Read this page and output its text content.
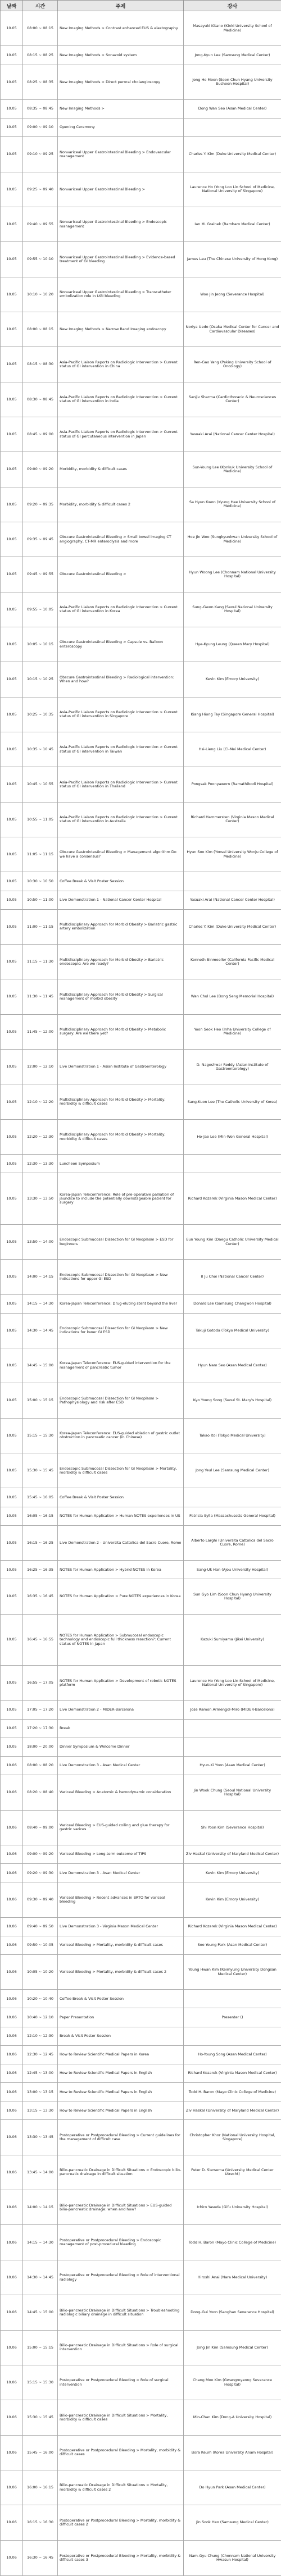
날짜	시간	주제	강사
10.05	08:00 ~ 08:15	New Imaging Methods > Contrast enhanced EUS & elastography	Masayuki Kitano (Kinki University School of Medicine)
10.05	08:15 ~ 08:25	New Imaging Methods > Sonazoid system	Jong-Kyun Lee (Samsung Medical Center)
10.05	08:25 ~ 08:35	New Imaging Methods > Direct peroral cholangioscopy	Jong Ho Moon (Soon Chun Hyang University Bucheon Hospital)
10.05	08:35 ~ 08:45	New Imaging Methods >	Dong Wan Seo (Asan Medical Center)
10.05	09:00 ~ 09:10	Opening Ceremony	
10.05	09:10 ~ 09:25	Nonvariceal Upper Gastrointestinal Bleeding > Endovascular management	Charles Y. Kim (Duke University Medical Center)
10.05	09:25 ~ 09:40	Nonvariceal Upper Gastrointestinal Bleeding >	Laurence Ho (Yong Loo Lin School of Medicine, National University of Singapore)
10.05	09:40 ~ 09:55	Nonvariceal Upper Gastrointestinal Bleeding > Endoscopic management	Ian M. Gralnek (Rambam Medical Center)
10.05	09:55 ~ 10:10	Nonvariceal Upper Gastrointestinal Bleeding > Evidence-based treatment of GI bleeding	James Lau (The Chinese University of Hong Kong)
10.05	10:10 ~ 10:20	Nonvariceal Upper Gastrointestinal Bleeding > Transcatheter embolization role in UGI bleeding	Woo Jin Jeong (Severance Hospital)
10.05	08:00 ~ 08:15	New Imaging Methods > Narrow Band Imaging endoscopy	Noriya Uedo (Osaka Medical Center for Cancer and Cardiovascular Diseases)
10.05	08:15 ~ 08:30	Asia-Pacific Liaison Reports on Radiologic Intervention > Current status of GI intervention in China	Ren-Gao Yang (Peking University School of Oncology)
10.05	08:30 ~ 08:45	Asia-Pacific Liaison Reports on Radiologic Intervention > Current status of GI intervention in India	Sanjiv Sharma (Cardiothoracic & Neurosciences Center)
10.05	08:45 ~ 09:00	Asia-Pacific Liaison Reports on Radiologic Intervention > Current status of GI percutaneous intervention in Japan	Yasuaki Arai (National Cancer Center Hospital)
10.05	09:00 ~ 09:20	Morbidity, morbidity & difficult cases	Sun-Young Lee (Konkuk University School of Medicine)
10.05	09:20 ~ 09:35	Morbidity, morbidity & difficult cases 2	Sa Hyun Kwon (Kyung Hee University School of Medicine)
10.05	09:35 ~ 09:45	Obscure Gastrointestinal Bleeding > Small bowel imaging CT angiography, CT-MR enteroclysis and more	Hoe Jin Woo (Sungkyunkwan University School of Medicine)
10.05	09:45 ~ 09:55	Obscure Gastrointestinal Bleeding >	Hyun Woong Lee (Chonnam National University Hospital)
10.05	09:55 ~ 10:05	Asia-Pacific Liaison Reports on Radiologic Intervention > Current status of GI intervention in Korea	Sung-Gwon Kang (Seoul National University Hospital)
10.05	10:05 ~ 10:15	Obscure Gastrointestinal Bleeding > Capsule vs. Balloon enteroscopy	Hye-Kyung Leung (Queen Mary Hospital)
10.05	10:15 ~ 10:25	Obscure Gastrointestinal Bleeding > Radiological intervention: When and how?	Kevin Kim (Emory University)
10.05	10:25 ~ 10:35	Asia-Pacific Liaison Reports on Radiologic Intervention > Current status of GI intervention in Singapore	Kiang Hiong Tay (Singapore General Hospital)
10.05	10:35 ~ 10:45	Asia-Pacific Liaison Reports on Radiologic Intervention > Current status of GI intervention in Taiwan	Hsi-Lieng Liu (Cl-Mei Medical Center)
10.05	10:45 ~ 10:55	Asia-Pacific Liaison Reports on Radiologic Intervention > Current status of GI intervention in Thailand	Pongsak Poonyaworn (Ramathibodi Hospital)
10.05	10:55 ~ 11:05	Asia-Pacific Liaison Reports on Radiologic Intervention > Current status of GI intervention in Australia	Richard Hammersten (Virginia Mason Medical Center)
10.05	11:05 ~ 11:15	Obscure Gastrointestinal Bleeding > Management algorithm Do we have a consensus?	Hyun Soo Kim (Yonsei University Wonju College of Medicine)
10.05	10:30 ~ 10:50	Coffee Break & Visit Poster Session	
10.05	10:50 ~ 11:00	Live Demonstration 1 - National Cancer Center Hospital	Yasuaki Arai (National Cancer Center Hospital)
10.05	11:00 ~ 11:15	Multidisciplinary Approach for Morbid Obesity > Bariatric gastric artery embolization	Charles Y. Kim (Duke University Medical Center)
10.05	11:15 ~ 11:30	Multidisciplinary Approach for Morbid Obesity > Bariatric endoscopic: Are we ready?	Kenneth Binmoeller (California Pacific Medical Center)
10.05	11:30 ~ 11:45	Multidisciplinary Approach for Morbid Obesity > Surgical management of morbid obesity	Wan Chul Lee (Bong Seng Memorial Hospital)
10.05	11:45 ~ 12:00	Multidisciplinary Approach for Morbid Obesity > Metabolic surgery: Are we there yet?	Yoon Seok Heo (Inha University College of Medicine)
10.05	12:00 ~ 12:10	Live Demonstration 1 - Asian Institute of Gastroenterology	D. Nageshwar Reddy (Asian Institute of Gastroenterology)
10.05	12:10 ~ 12:20	Multidisciplinary Approach for Morbid Obesity > Mortality, morbidity & difficult cases	Sang-Kuon Lee (The Catholic University of Korea)
10.05	12:20 ~ 12:30	Multidisciplinary Approach for Morbid Obesity > Mortality, morbidity & difficult cases	Ho-Jae Lee (Min-Won General Hospital)
10.05	12:30 ~ 13:30	Luncheon Symposium	
10.05	13:30 ~ 13:50	Korea-Japan Teleconference: Role of pre-operative palliation of jaundice to include the potentially downstageable patient for surgery	Richard Kozarek (Virginia Mason Medical Center)
10.05	13:50 ~ 14:00	Endoscopic Submucosal Dissection for GI Neoplasm > ESD for beginners	Eun Young Kim (Daegu Catholic University Medical Center)
10.05	14:00 ~ 14:15	Endoscopic Submucosal Dissection for GI Neoplasm > New indications for upper GI ESD	Il Ju Choi (National Cancer Center)
10.05	14:15 ~ 14:30	Korea-Japan Teleconference: Drug-eluting stent beyond the liver	Donald Lee (Samsung Changwon Hospital)
10.05	14:30 ~ 14:45	Endoscopic Submucosal Dissection for GI Neoplasm > New indications for lower GI ESD	Takuji Gotoda (Tokyo Medical University)
10.05	14:45 ~ 15:00	Korea-Japan Teleconference: EUS-guided intervention for the management of pancreatic tumor	Hyun Nam Seo (Asan Medical Center)
10.05	15:00 ~ 15:15	Endoscopic Submucosal Dissection for GI Neoplasm > Pathophysiology and risk after ESD	Kyo Young Song (Seoul St. Mary's Hospital)
10.05	15:15 ~ 15:30	Korea-Japan Teleconference: EUS-guided ablation of gastric outlet obstruction in pancreatic cancer (in Chinese)	Takao Itoi (Tokyo Medical University)
10.05	15:30 ~ 15:45	Endoscopic Submucosal Dissection for GI Neoplasm > Mortality, morbidity & difficult cases	Jong Yeul Lee (Samsung Medical Center)
10.05	15:45 ~ 16:05	Coffee Break & Visit Poster Session	
10.05	16:05 ~ 16:15	NOTES for Human Application > Human NOTES experiences in US	Patricia Sylla (Massachusetts General Hospital)
10.05	16:15 ~ 16:25	Live Demonstration 2 - Universita Cattolica del Sacro Cuore, Rome	Alberto Larghi (Universita Cattolica del Sacro Cuore, Rome)
10.05	16:25 ~ 16:35	NOTES for Human Application > Hybrid NOTES in Korea	Sang-Uk Han (Ajou University Hospital)
10.05	16:35 ~ 16:45	NOTES for Human Application > Pure NOTES experiences in Korea	Sun Gyo Lim (Soon Chun Hyang University Hospital)
10.05	16:45 ~ 16:55	NOTES for Human Application > Submucosal endoscopic technology and endoscopic full thickness resection?: Current status of NOTES in Japan	Kazuki Sumiyama (Jikei University)
10.05	16:55 ~ 17:05	NOTES for Human Application > Development of robotic NOTES platform	Laurence Ho (Yong Loo Lin School of Medicine, National University of Singapore)
10.05	17:05 ~ 17:20	Live Demonstration 2 - MIDER-Barcelona	Jose Ramon Armengol-Miro (MIDER-Barcelona)
10.05	17:20 ~ 17:30	Break	
10.05	18:00 ~ 20:00	Dinner Symposium & Welcome Dinner	
10.06	08:00 ~ 08:20	Live Demonstration 3 - Asan Medical Center	Hyun-Ki Yoon (Asan Medical Center)
10.06	08:20 ~ 08:40	Variceal Bleeding > Anatomic & hemodynamic consideration	Jin Wook Chung (Seoul National University Hospital)
10.06	08:40 ~ 09:00	Variceal Bleeding > EUS-guided coiling and glue therapy for gastric varices	Shi Yoon Kim (Severance Hospital)
10.06	09:00 ~ 09:20	Variceal Bleeding > Long-term outcome of TIPS	Ziv Haskal (University of Maryland Medical Center)
10.06	09:20 ~ 09:30	Live Demonstration 3 - Asan Medical Center	Kevin Kim (Emory University)
10.06	09:30 ~ 09:40	Variceal Bleeding > Recent advances in BRTO for variceal bleeding	Kevin Kim (Emory University)
10.06	09:40 ~ 09:50	Live Demonstration 3 - Virginia Mason Medical Center	Richard Kozarek (Virginia Mason Medical Center)
10.06	09:50 ~ 10:05	Variceal Bleeding > Mortality, morbidity & difficult cases	Soo Young Park (Asan Medical Center)
10.06	10:05 ~ 10:20	Variceal Bleeding > Mortality, morbidity & difficult cases 2	Young Hwan Kim (Keimyung University Dongsan Medical Center)
10.06	10:20 ~ 10:40	Coffee Break & Visit Poster Session	
10.06	10:40 ~ 12:10	Paper Presentation	Presenter ()
10.06	12:10 ~ 12:30	Break & Visit Poster Session	
10.06	12:30 ~ 12:45	How to Review Scientific Medical Papers in Korea	Ho-Young Song (Asan Medical Center)
10.06	12:45 ~ 13:00	How to Review Scientific Medical Papers in English	Richard Kozarek (Virginia Mason Medical Center)
10.06	13:00 ~ 13:15	How to Review Scientific Medical Papers in English	Todd H. Baron (Mayo Clinic College of Medicine)
10.06	13:15 ~ 13:30	How to Review Scientific Medical Papers in English	Ziv Haskal (University of Maryland Medical Center)
10.06	13:30 ~ 13:45	Postoperative or Postprocedural Bleeding > Current guidelines for the management of difficult case	Christopher Khor (National University Hospital, Singapore)
10.06	13:45 ~ 14:00	Bilio-pancreatic Drainage in Difficult Situations > Endoscopic bilio-pancreatic drainage in difficult situation	Peter D. Siersema (University Medical Center Utrecht)
10.06	14:00 ~ 14:15	Bilio-pancreatic Drainage in Difficult Situations > EUS-guided bilio-pancreatic drainage: when and how?	Ichiro Yasuda (Gifu University Hospital)
10.06	14:15 ~ 14:30	Postoperative or Postprocedural Bleeding > Endoscopic management of post-procedural bleeding	Todd H. Baron (Mayo Clinic College of Medicine)
10.06	14:30 ~ 14:45	Postoperative or Postprocedural Bleeding > Role of interventional radiology	Hiroshi Anai (Nara Medical University)
10.06	14:45 ~ 15:00	Bilio-pancreatic Drainage in Difficult Situations > Troubleshooting radiologic biliary drainage in difficult situation	Dong-Gui Yoon (Sanghan Severance Hospital)
10.06	15:00 ~ 15:15	Bilio-pancreatic Drainage in Difficult Situations > Role of surgical intervention	Jong Jin Kim (Samsung Medical Center)
10.06	15:15 ~ 15:30	Postoperative or Postprocedural Bleeding > Role of surgical intervention	Chang Moo Kim (Gwangmyeong Severance Hospital)
10.06	15:30 ~ 15:45	Bilio-pancreatic Drainage in Difficult Situations > Mortality, morbidity & difficult cases	Min-Chan Kim (Dong-A University Hospital)
10.06	15:45 ~ 16:00	Postoperative or Postprocedural Bleeding > Mortality, morbidity & difficult cases	Bora Keum (Korea University Anam Hospital)
10.06	16:00 ~ 16:15	Bilio-pancreatic Drainage in Difficult Situations > Mortality, morbidity & difficult cases 2	Do Hyun Park (Asan Medical Center)
10.06	16:15 ~ 16:30	Postoperative or Postprocedural Bleeding > Mortality, morbidity & difficult cases 2	Jin Sook Heo (Samsung Medical Center)
10.06	16:30 ~ 16:45	Postoperative or Postprocedural Bleeding > Mortality, morbidity & difficult cases 3	Nam-Gyu Chung (Chonnam National University Hwasun Hospital)
